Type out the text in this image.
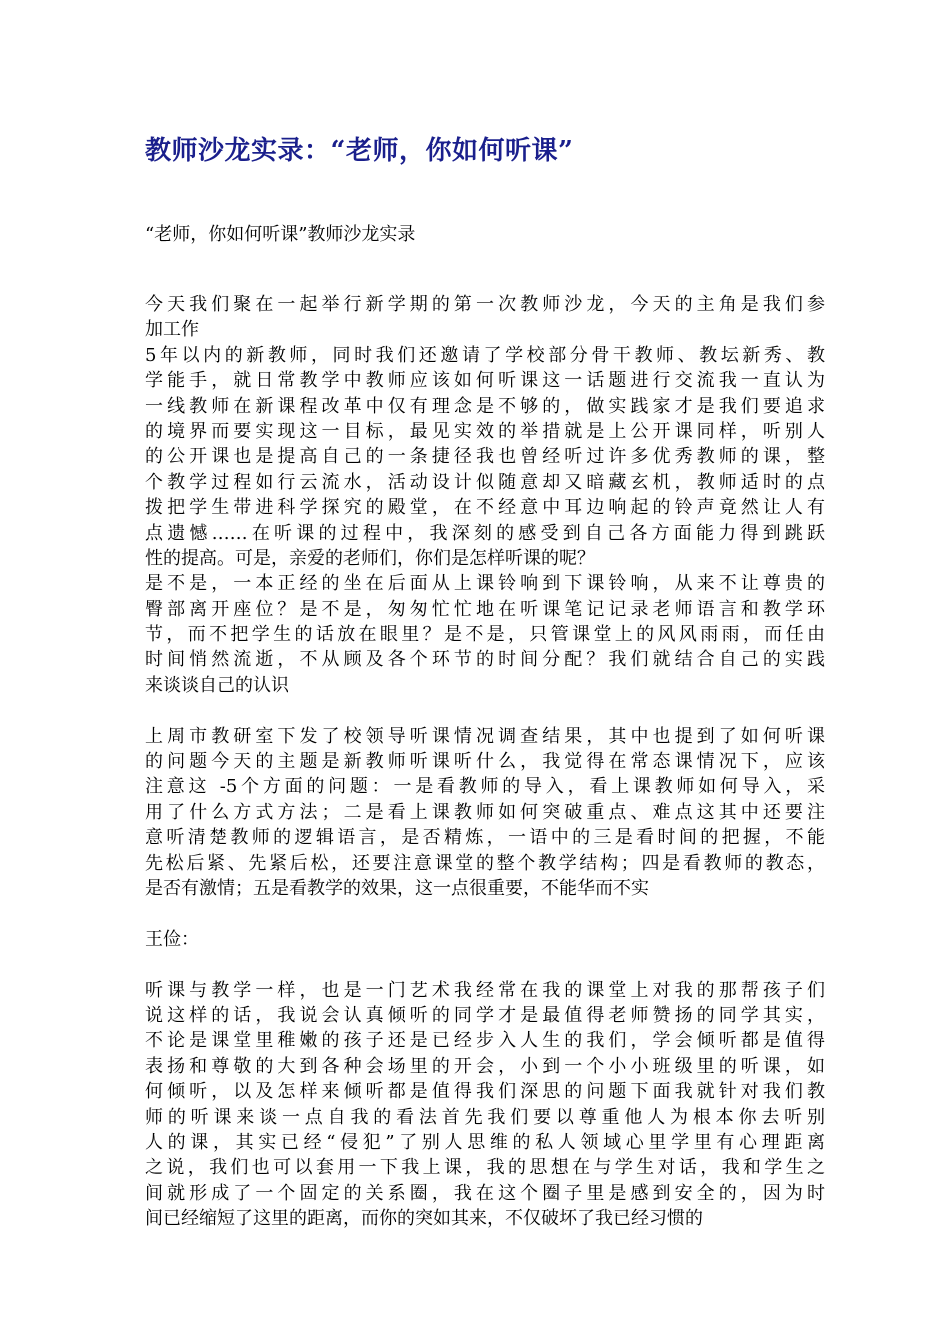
教师沙龙实录：“老师，你如何听课”
“老师，你如何听课”教师沙龙实录
今天我们聚在一起举行新学期的第一次教师沙龙，今天的主角是我们参
加工作
5年以内的新教师，同时我们还邀请了学校部分骨干教师、教坛新秀、教
学能手，就日常教学中教师应该如何听课这一话题进行交流我一直认为
一线教师在新课程改革中仅有理念是不够的，做实践家才是我们要追求
的境界而要实现这一目标，最见实效的举措就是上公开课同样，听别人
的公开课也是提高自己的一条捷径我也曾经听过许多优秀教师的课，整
个教学过程如行云流水，活动设计似随意却又暗藏玄机，教师适时的点
拨把学生带进科学探究的殿堂，在不经意中耳边响起的铃声竟然让人有
点遗憾……在听课的过程中，我深刻的感受到自己各方面能力得到跳跃
性的提高。可是，亲爱的老师们，你们是怎样听课的呢？
是不是，一本正经的坐在后面从上课铃响到下课铃响，从来不让尊贵的
臀部离开座位？是不是，匆匆忙忙地在听课笔记记录老师语言和教学环
节，而不把学生的话放在眼里？是不是，只管课堂上的风风雨雨，而任由
时间悄然流逝，不从顾及各个环节的时间分配？我们就结合自己的实践
来谈谈自己的认识
上周市教研室下发了校领导听课情况调查结果，其中也提到了如何听课
的问题今天的主题是新教师听课听什么，我觉得在常态课情况下，应该
注意这 -5个方面的问题：一是看教师的导入，看上课教师如何导入，采
用了什么方式方法；二是看上课教师如何突破重点、难点这其中还要注
意听清楚教师的逻辑语言，是否精炼，一语中的三是看时间的把握，不能
先松后紧、先紧后松，还要注意课堂的整个教学结构；四是看教师的教态，
是否有激情；五是看教学的效果，这一点很重要，不能华而不实
王俭：
听课与教学一样，也是一门艺术我经常在我的课堂上对我的那帮孩子们
说这样的话，我说会认真倾听的同学才是最值得老师赞扬的同学其实，
不论是课堂里稚嫩的孩子还是已经步入人生的我们，学会倾听都是值得
表扬和尊敬的大到各种会场里的开会，小到一个小小班级里的听课，如
何倾听，以及怎样来倾听都是值得我们深思的问题下面我就针对我们教
师的听课来谈一点自我的看法首先我们要以尊重他人为根本你去听别
人的课，其实已经“侵犯”了别人思维的私人领域心里学里有心理距离
之说，我们也可以套用一下我上课，我的思想在与学生对话，我和学生之
间就形成了一个固定的关系圈，我在这个圈子里是感到安全的，因为时
间已经缩短了这里的距离，而你的突如其来，不仅破坏了我已经习惯的
